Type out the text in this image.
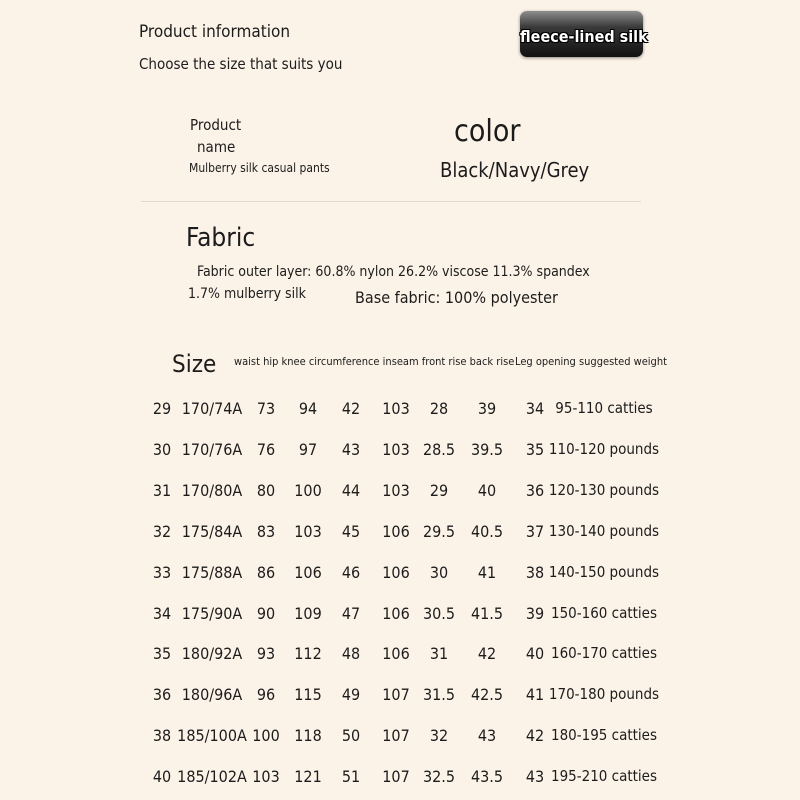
Product information
Choose the size that suits you
fleece-lined silk
Product
name
Mulberry silk casual pants
color
Black/Navy/Grey
Fabric
Fabric outer layer: 60.8% nylon 26.2% viscose 11.3% spandex
1.7% mulberry silk	Base fabric: 100% polyester
Size waist hip knee circumference inseam front rise back rise Leg opening suggested weight
29 170/74A 73 94 42 103 28 39 34 95-110 catties
30 170/76A 76 97 43 103 28.5 39.5 35 110-120 pounds
31 170/80A 80 100 44 103 29 40 36 120-130 pounds
32 175/84A 83 103 45 106 29.5 40.5 37 130-140 pounds
33 175/88A 86 106 46 106 30 41 38 140-150 pounds
34 175/90A 90 109 47 106 30.5 41.5 39 150-160 catties
35 180/92A 93 112 48 106 31 42 40 160-170 catties
36 180/96A 96 115 49 107 31.5 42.5 41 170-180 pounds
38 185/100A 100 118 50 107 32 43 42 180-195 catties
40 185/102A 103 121 51 107 32.5 43.5 43 195-210 catties
